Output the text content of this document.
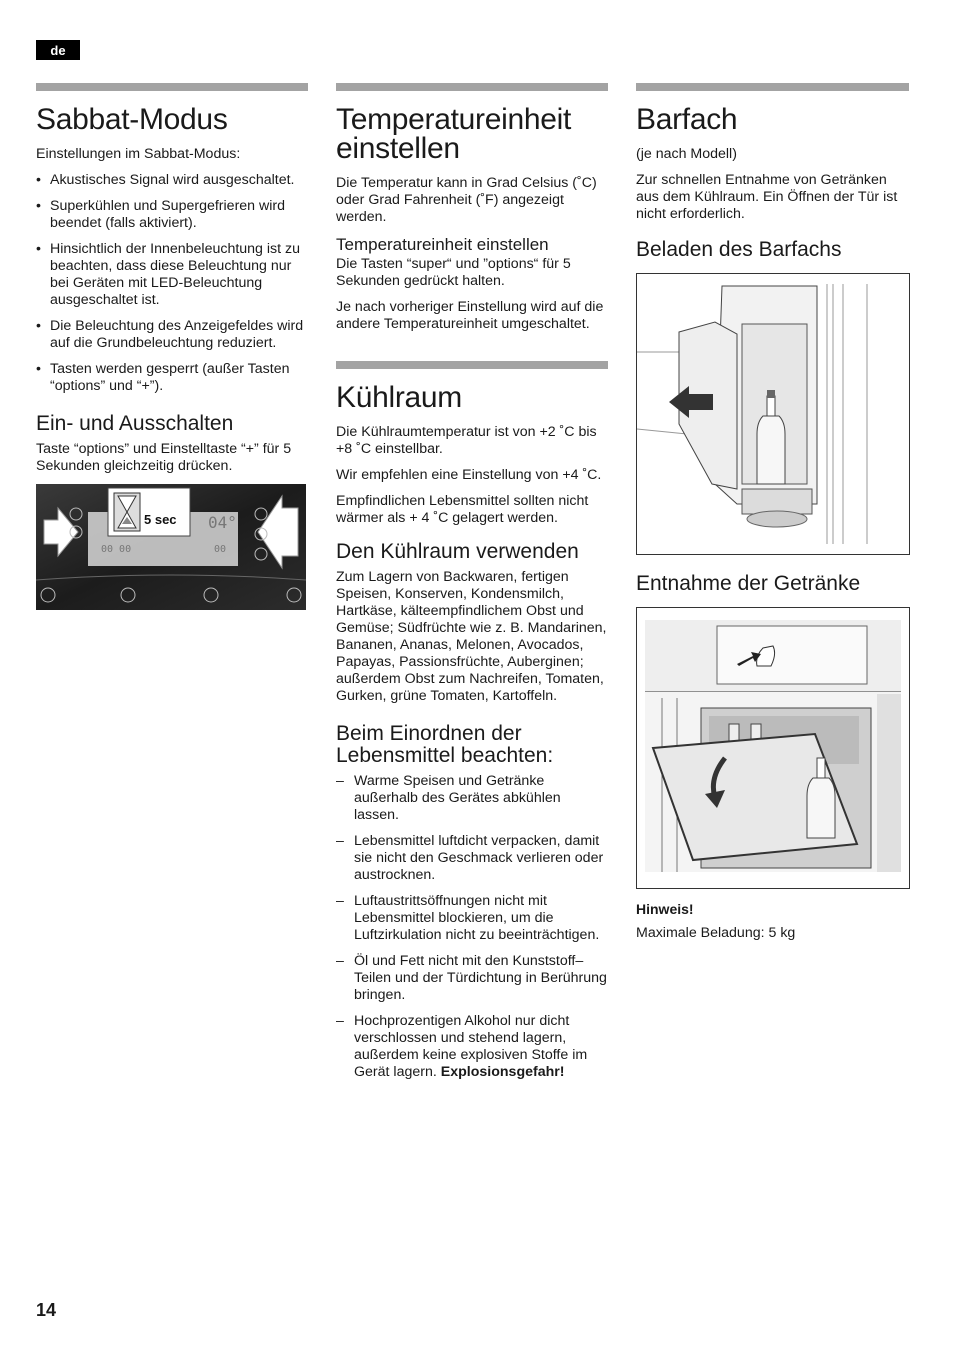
de
Sabbat-Modus

Einstellungen im Sabbat-Modus:

• Akustisches Signal wird ausgeschaltet.
• Superkühlen und Supergefrieren wird beendet (falls aktiviert).
• Hinsichtlich der Innenbeleuchtung ist zu beachten, dass diese Beleuchtung nur bei Geräten mit LED-Beleuchtung ausgeschaltet ist.
• Die Beleuchtung des Anzeigefeldes wird auf die Grundbeleuchtung reduziert.
• Tasten werden gesperrt (außer Tasten “options” und “+”).
Ein- und Ausschalten

Taste “options” und Einstelltaste “+” für 5 Sekunden gleichzeitig drücken.

00 00
04°
00
5 sec
Temperatureinheit einstellen

Die Temperatur kann in Grad Celsius (˚C) oder Grad Fahrenheit (˚F) angezeigt werden.

Temperatureinheit einstellen

Die Tasten “super“ und ”options“ für 5 Sekunden gedrückt halten.

Je nach vorheriger Einstellung wird auf die andere Temperatureinheit umgeschaltet.

Kühlraum

Die Kühlraumtemperatur ist von +2 ˚C bis +8 ˚C einstellbar.

Wir empfehlen eine Einstellung von +4 ˚C.

Empfindlichen Lebensmittel sollten nicht wärmer als + 4 ˚C gelagert werden.

Den Kühlraum verwenden

Zum Lagern von Backwaren, fertigen Speisen, Konserven, Kondensmilch, Hartkäse, kälteempfindlichem Obst und Gemüse; Südfrüchte wie z. B. Mandarinen, Bananen, Ananas, Melonen, Avocados, Papayas, Passionsfrüchte, Auberginen; außerdem Obst zum Nachreifen, Tomaten, Gurken, grüne Tomaten, Kartoffeln.

Beim Einordnen der Lebensmittel beachten:
– Warme Speisen und Getränke außerhalb des Gerätes abkühlen lassen.
– Lebensmittel luftdicht verpacken, damit sie nicht den Geschmack verlieren oder austrocknen.
– Luftaustrittsöffnungen nicht mit Lebensmittel blockieren, um die Luftzirkulation nicht zu beeinträchtigen.
– Öl und Fett nicht mit den Kunststoff–Teilen und der Türdichtung in Berührung bringen.
– Hochprozentigen Alkohol nur dicht verschlossen und stehend lagern, außerdem keine explosiven Stoffe im Gerät lagern. Explosionsgefahr!
Barfach

(je nach Modell)

Zur schnellen Entnahme von Getränken aus dem Kühlraum. Ein Öffnen der Tür ist nicht erforderlich.

Beladen des Barfachs
Entnahme der Getränke
Hinweis!

Maximale Beladung: 5 kg

14
